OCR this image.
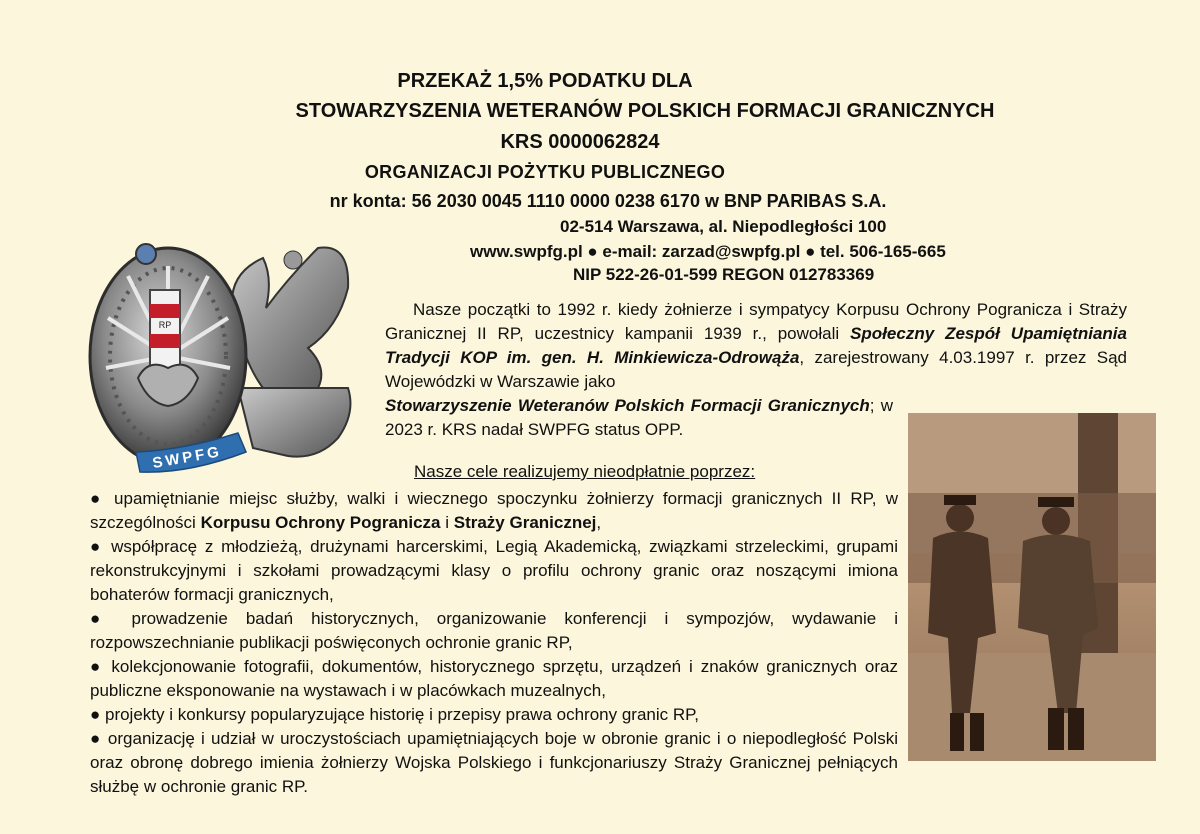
PRZEKAŻ 1,5% PODATKU DLA
STOWARZYSZENIA WETERANÓW POLSKICH FORMACJI GRANICZNYCH
KRS 0000062824
ORGANIZACJI POŻYTKU PUBLICZNEGO
nr konta: 56 2030 0045 1110 0000 0238 6170 w BNP PARIBAS S.A.
02-514 Warszawa, al. Niepodległości 100
www.swpfg.pl ● e-mail: zarzad@swpfg.pl ● tel. 506-165-665
NIP 522-26-01-599 REGON 012783369
RP
SWPFG
Nasze początki to 1992 r. kiedy żołnierze i sympatycy Korpusu Ochrony Pogranicza i Straży Granicznej II RP, uczestnicy kampanii 1939 r., powołali Społeczny Zespół Upamiętniania Tradycji KOP im. gen. H. Minkiewicza-Odrowąża, zarejestrowany 4.03.1997 r. przez Sąd Wojewódzki w Warszawie jako
Stowarzyszenie Weteranów Polskich Formacji Granicznych; w 2023 r. KRS nadał SWPFG status OPP.
Nasze cele realizujemy nieodpłatnie poprzez:

● upamiętnianie miejsc służby, walki i wiecznego spoczynku żołnierzy formacji granicznych II RP, w szczególności Korpusu Ochrony Pogranicza i Straży Granicznej,

● współpracę z młodzieżą, drużynami harcerskimi, Legią Akademicką, związkami strzeleckimi, grupami rekonstrukcyjnymi i szkołami prowadzącymi klasy o profilu ochrony granic oraz noszącymi imiona bohaterów formacji granicznych,

● prowadzenie badań historycznych, organizowanie konferencji i sympozjów, wydawanie i rozpowszechnianie publikacji poświęconych ochronie granic RP,

● kolekcjonowanie fotografii, dokumentów, historycznego sprzętu, urządzeń i znaków granicznych oraz publiczne eksponowanie na wystawach i w placówkach muzealnych,

● projekty i konkursy popularyzujące historię i przepisy prawa ochrony granic RP,

● organizację i udział w uroczystościach upamiętniających boje w obronie granic i o niepodległość Polski oraz obronę dobrego imienia żołnierzy Wojska Polskiego i funkcjonariuszy Straży Granicznej pełniących służbę w ochronie granic RP.
